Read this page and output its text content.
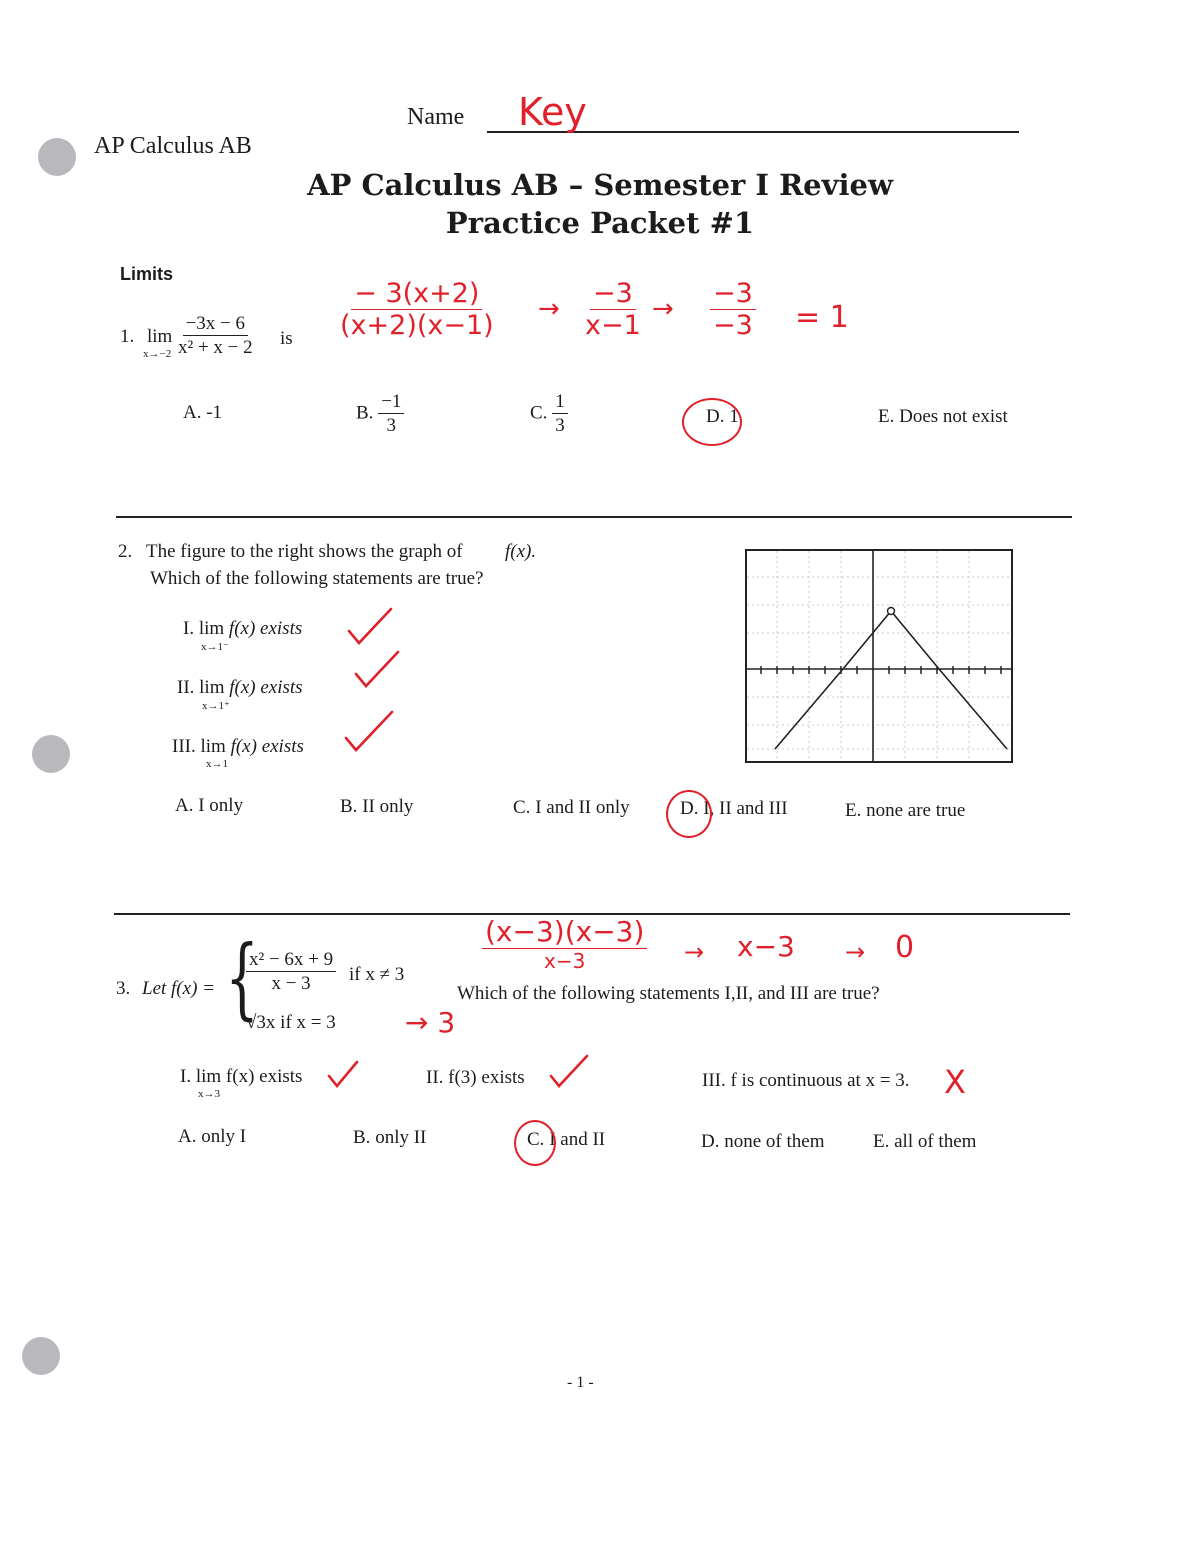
AP Calculus AB
Name Key
AP Calculus AB – Semester I Review
Practice Packet #1
Limits
1. lim
$x\to-2 \frac{-3x - 6}{\text{x² + x − 2}}$ is $\frac{- 3(x+2)}{(x+2)(x-1)} \to \frac{-3}{x-1} \to \frac{-3}{-3} = 1$
A. -1	B. $\frac{-1}{3}$	C. $\frac{1}{3}$	D. 1	E. Does not exist
2. The figure to the right shows the graph of f(x).
Which of the following statements are true?
I. lim f(x) exists
x→1⁻
II. lim f(x) exists
x→1⁺
III. lim f(x) exists
x→1
A. I only	B. II only	C. I and II only	D. I, II and III	E. none are true
$\frac{(x-3)(x-3)}{x-3} \to x-3 \to 0$
3. Let f(x) = {
$\frac{\text{x² − 6x + 9}}{x - 3}$ if x ≠ 3
√3x if x = 3 → 3
Which of the following statements I,II, and III are true?
I. lim f(x) exists
x→3
II. f(3) exists	III. f is continuous at x = 3. X
A. only I	B. only II	C. I and II	D. none of them	E. all of them
- 1 -
